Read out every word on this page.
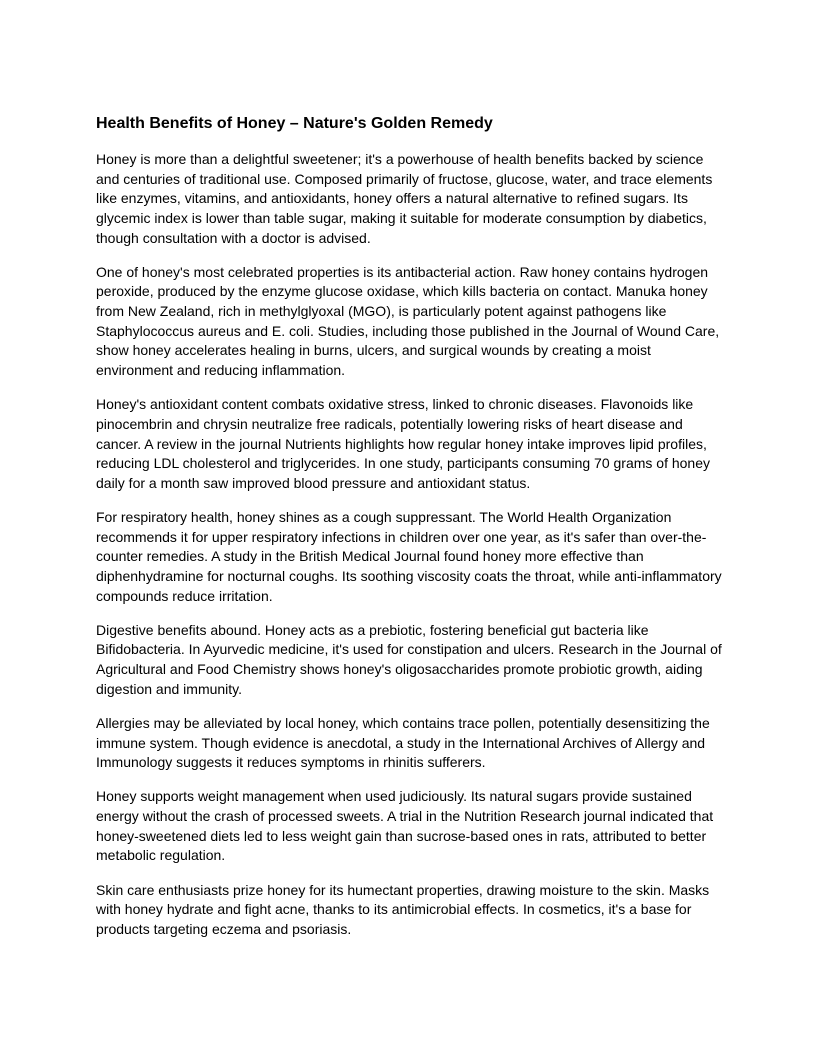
Health Benefits of Honey – Nature's Golden Remedy

Honey is more than a delightful sweetener; it's a powerhouse of health benefits backed by science and centuries of traditional use. Composed primarily of fructose, glucose, water, and trace elements like enzymes, vitamins, and antioxidants, honey offers a natural alternative to refined sugars. Its glycemic index is lower than table sugar, making it suitable for moderate consumption by diabetics, though consultation with a doctor is advised.

One of honey's most celebrated properties is its antibacterial action. Raw honey contains hydrogen peroxide, produced by the enzyme glucose oxidase, which kills bacteria on contact. Manuka honey from New Zealand, rich in methylglyoxal (MGO), is particularly potent against pathogens like Staphylococcus aureus and E. coli. Studies, including those published in the Journal of Wound Care, show honey accelerates healing in burns, ulcers, and surgical wounds by creating a moist environment and reducing inflammation.

Honey's antioxidant content combats oxidative stress, linked to chronic diseases. Flavonoids like pinocembrin and chrysin neutralize free radicals, potentially lowering risks of heart disease and cancer. A review in the journal Nutrients highlights how regular honey intake improves lipid profiles, reducing LDL cholesterol and triglycerides. In one study, participants consuming 70 grams of honey daily for a month saw improved blood pressure and antioxidant status.

For respiratory health, honey shines as a cough suppressant. The World Health Organization recommends it for upper respiratory infections in children over one year, as it's safer than over-the-counter remedies. A study in the British Medical Journal found honey more effective than diphenhydramine for nocturnal coughs. Its soothing viscosity coats the throat, while anti-inflammatory compounds reduce irritation.

Digestive benefits abound. Honey acts as a prebiotic, fostering beneficial gut bacteria like Bifidobacteria. In Ayurvedic medicine, it's used for constipation and ulcers. Research in the Journal of Agricultural and Food Chemistry shows honey's oligosaccharides promote probiotic growth, aiding digestion and immunity.

Allergies may be alleviated by local honey, which contains trace pollen, potentially desensitizing the immune system. Though evidence is anecdotal, a study in the International Archives of Allergy and Immunology suggests it reduces symptoms in rhinitis sufferers.

Honey supports weight management when used judiciously. Its natural sugars provide sustained energy without the crash of processed sweets. A trial in the Nutrition Research journal indicated that honey-sweetened diets led to less weight gain than sucrose-based ones in rats, attributed to better metabolic regulation.

Skin care enthusiasts prize honey for its humectant properties, drawing moisture to the skin. Masks with honey hydrate and fight acne, thanks to its antimicrobial effects. In cosmetics, it's a base for products targeting eczema and psoriasis.
